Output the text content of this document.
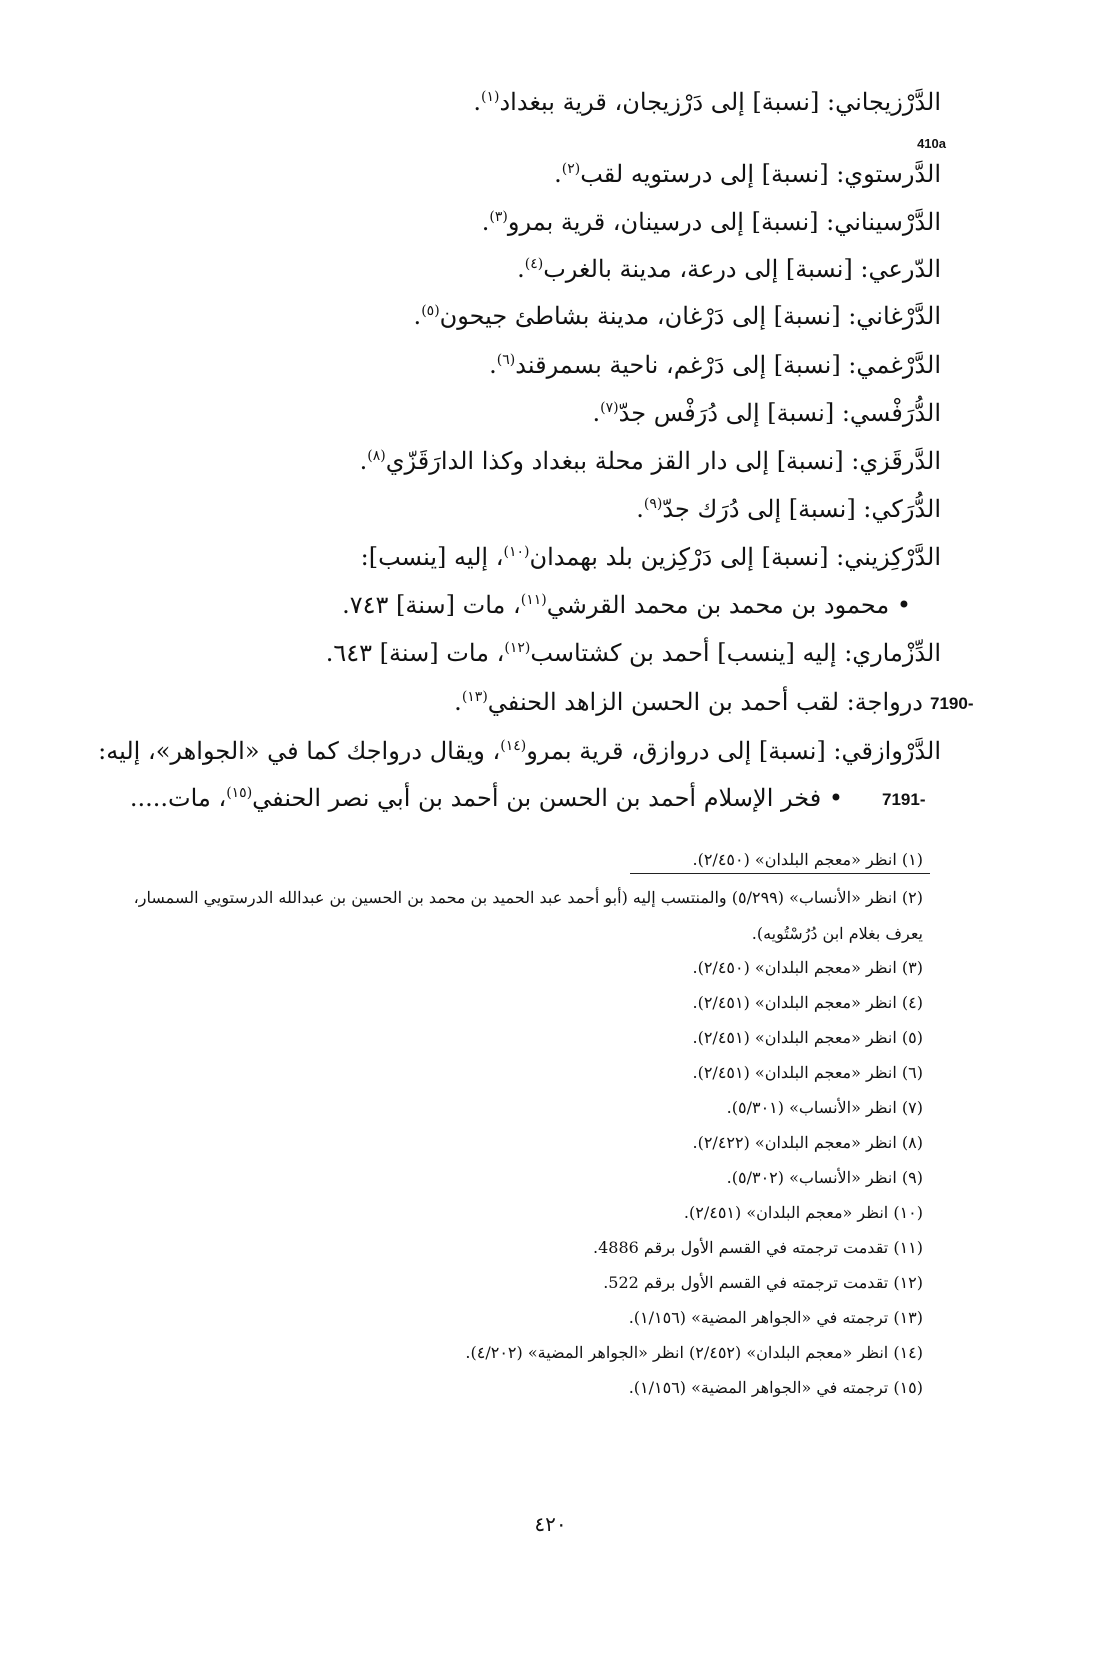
410a
الدَّرْزيجاني: [نسبة] إلى دَرْزيجان، قرية ببغداد$^{(١)}$.
الدَّرستوي: [نسبة] إلى درستويه لقب$^{(٢)}$.
الدَّرْسيناني: [نسبة] إلى درسينان، قرية بمرو$^{(٣)}$.
الدّرعي: [نسبة] إلى درعة، مدينة بالغرب$^{(٤)}$.
الدَّرْغاني: [نسبة] إلى دَرْغان، مدينة بشاطئ جيحون$^{(٥)}$.
الدَّرْغمي: [نسبة] إلى دَرْغم، ناحية بسمرقند$^{(٦)}$.
الدُّرَفْسي: [نسبة] إلى دُرَفْس جدّ$^{(٧)}$.
الدَّرقَزي: [نسبة] إلى دار القز محلة ببغداد وكذا الدارَقَزّي$^{(٨)}$.
الدُّرَكي: [نسبة] إلى دُرَك جدّ$^{(٩)}$.
الدَّرْكِزيني: [نسبة] إلى دَرْكِزين بلد بهمدان$^{(١٠)}$، إليه [ينسب]:
• محمود بن محمد بن محمد القرشي$^{(١١)}$، مات [سنة] ٧٤٣.
الدِّزْماري: إليه [ينسب] أحمد بن كشتاسب$^{(١٢)}$، مات [سنة] ٦٤٣.
7190-
درواجة: لقب أحمد بن الحسن الزاهد الحنفي$^{(١٣)}$.
الدَّرْوازقي: [نسبة] إلى دروازق، قرية بمرو$^{(١٤)}$، ويقال درواجك كما في «الجواهر»، إليه:
7191-
• فخر الإسلام أحمد بن الحسن بن أحمد بن أبي نصر الحنفي$^{(١٥)}$، مات.....
(١) انظر «معجم البلدان» (٢/٤٥٠).
(٢) انظر «الأنساب» (٥/٢٩٩) والمنتسب إليه (أبو أحمد عبد الحميد بن محمد بن الحسين بن عبدالله الدرستويي السمسار، يعرف بغلام ابن دُرُسْتُويه).
(٣) انظر «معجم البلدان» (٢/٤٥٠).
(٤) انظر «معجم البلدان» (٢/٤٥١).
(٥) انظر «معجم البلدان» (٢/٤٥١).
(٦) انظر «معجم البلدان» (٢/٤٥١).
(٧) انظر «الأنساب» (٥/٣٠١).
(٨) انظر «معجم البلدان» (٢/٤٢٢).
(٩) انظر «الأنساب» (٥/٣٠٢).
(١٠) انظر «معجم البلدان» (٢/٤٥١).
(١١) تقدمت ترجمته في القسم الأول برقم 4886.
(١٢) تقدمت ترجمته في القسم الأول برقم 522.
(١٣) ترجمته في «الجواهر المضية» (١/١٥٦).
(١٤) انظر «معجم البلدان» (٢/٤٥٢) انظر «الجواهر المضية» (٤/٢٠٢).
(١٥) ترجمته في «الجواهر المضية» (١/١٥٦).
٤٢٠
